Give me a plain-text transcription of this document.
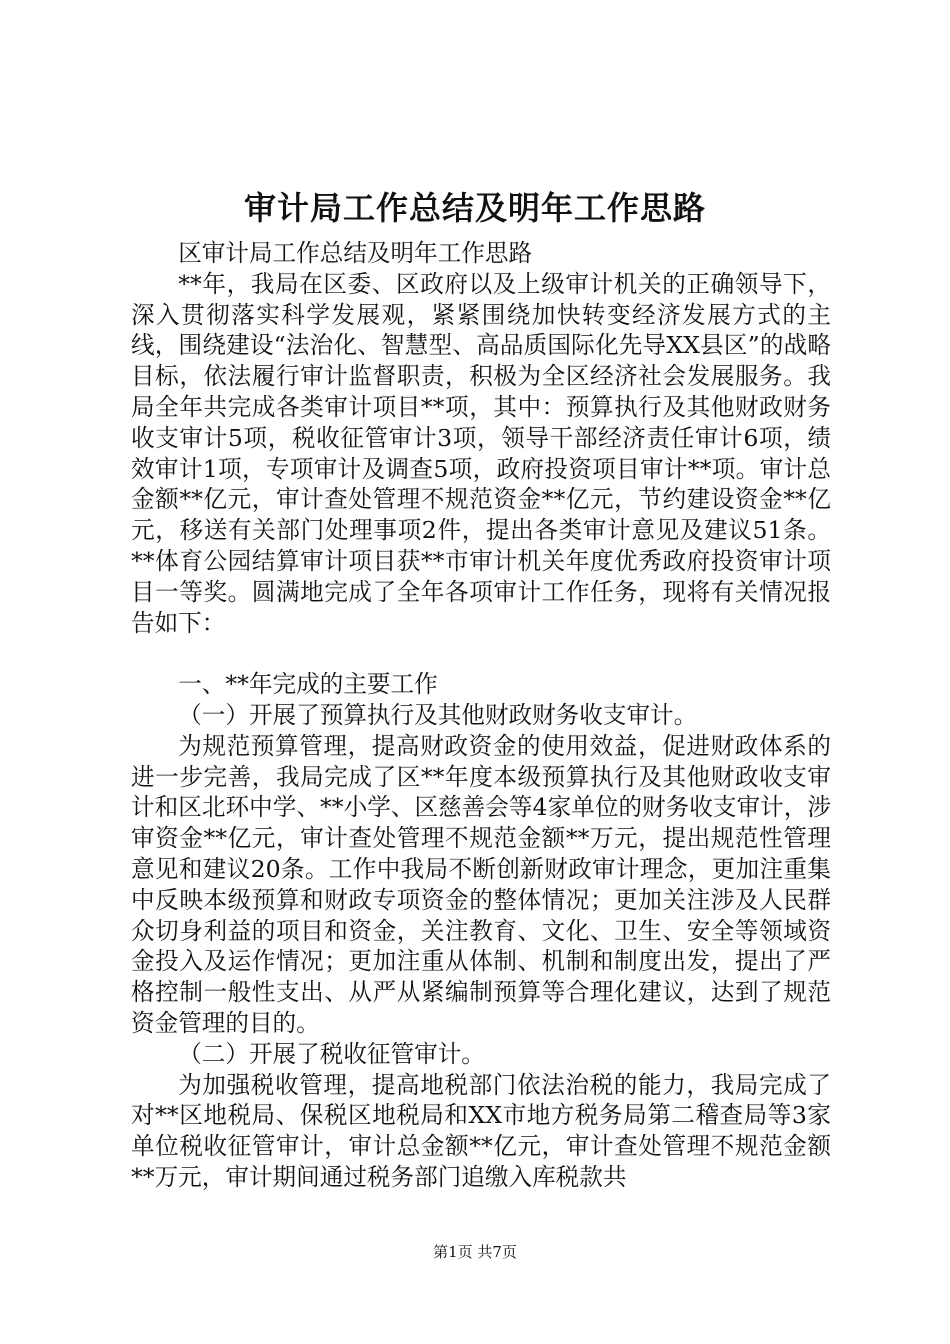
审计局工作总结及明年工作思路

区审计局工作总结及明年工作思路

**年，我局在区委、区政府以及上级审计机关的正确领导下，深入贯彻落实科学发展观，紧紧围绕加快转变经济发展方式的主线，围绕建设“法治化、智慧型、高品质国际化先导XX县区”的战略目标，依法履行审计监督职责，积极为全区经济社会发展服务。我局全年共完成各类审计项目**项，其中：预算执行及其他财政财务收支审计5项，税收征管审计3项，领导干部经济责任审计6项，绩效审计1项，专项审计及调查5项，政府投资项目审计**项。审计总金额**亿元，审计查处管理不规范资金**亿元，节约建设资金**亿元，移送有关部门处理事项2件，提出各类审计意见及建议51条。**体育公园结算审计项目获**市审计机关年度优秀政府投资审计项目一等奖。圆满地完成了全年各项审计工作任务，现将有关情况报告如下：

一、**年完成的主要工作

（一）开展了预算执行及其他财政财务收支审计。

为规范预算管理，提高财政资金的使用效益，促进财政体系的进一步完善，我局完成了区**年度本级预算执行及其他财政收支审计和区北环中学、**小学、区慈善会等4家单位的财务收支审计，涉审资金**亿元，审计查处管理不规范金额**万元，提出规范性管理意见和建议20条。工作中我局不断创新财政审计理念，更加注重集中反映本级预算和财政专项资金的整体情况；更加关注涉及人民群众切身利益的项目和资金，关注教育、文化、卫生、安全等领域资金投入及运作情况；更加注重从体制、机制和制度出发，提出了严格控制一般性支出、从严从紧编制预算等合理化建议，达到了规范资金管理的目的。

（二）开展了税收征管审计。

为加强税收管理，提高地税部门依法治税的能力，我局完成了对**区地税局、保税区地税局和XX市地方税务局第二稽查局等3家单位税收征管审计，审计总金额**亿元，审计查处管理不规范金额**万元，审计期间通过税务部门追缴入库税款共

第1页 共7页
